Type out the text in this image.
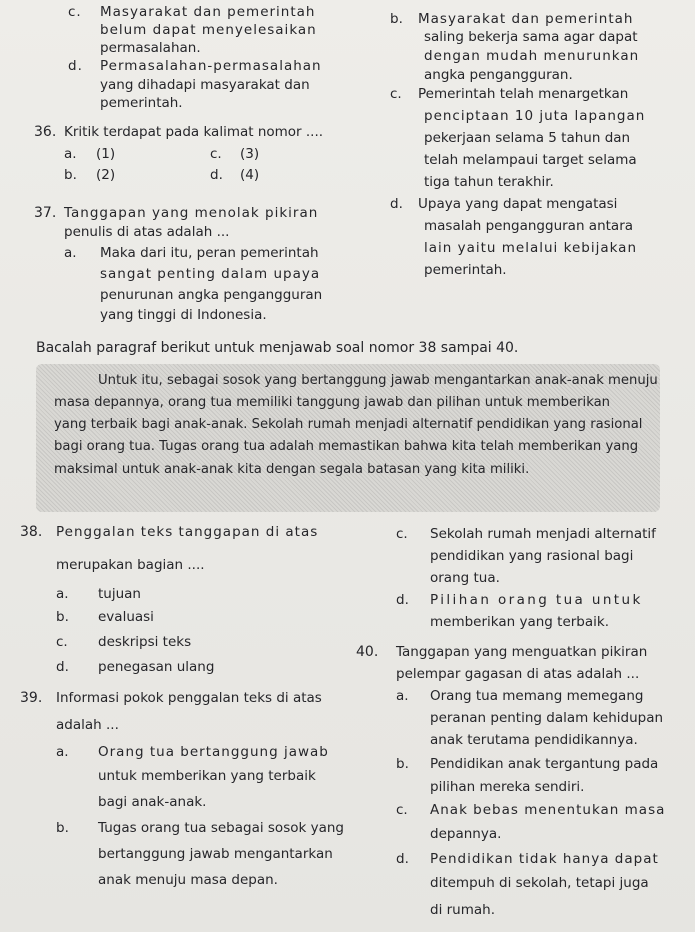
c. Masyarakat dan pemerintah
belum dapat menyelesaikan
permasalahan.
d. Permasalahan-permasalahan
yang dihadapi masyarakat dan
pemerintah.
b. Masyarakat dan pemerintah
saling bekerja sama agar dapat
dengan mudah menurunkan
angka pengangguran.
c. Pemerintah telah menargetkan
penciptaan 10 juta lapangan
pekerjaan selama 5 tahun dan
telah melampaui target selama
tiga tahun terakhir.
d. Upaya yang dapat mengatasi
masalah pengangguran antara
lain yaitu melalui kebijakan
pemerintah.
36. Kritik terdapat pada kalimat nomor ....
a. (1)	c. (3)
b. (2)	d. (4)
37. Tanggapan yang menolak pikiran
penulis di atas adalah ...
a. Maka dari itu, peran pemerintah
sangat penting dalam upaya
penurunan angka pengangguran
yang tinggi di Indonesia.
Bacalah paragraf berikut untuk menjawab soal nomor 38 sampai 40.
Untuk itu, sebagai sosok yang bertanggung jawab mengantarkan anak-anak menuju
masa depannya, orang tua memiliki tanggung jawab dan pilihan untuk memberikan
yang terbaik bagi anak-anak. Sekolah rumah menjadi alternatif pendidikan yang rasional
bagi orang tua. Tugas orang tua adalah memastikan bahwa kita telah memberikan yang
maksimal untuk anak-anak kita dengan segala batasan yang kita miliki.
38. Penggalan teks tanggapan di atas
merupakan bagian ....
a. tujuan
b. evaluasi
c. deskripsi teks
d. penegasan ulang
c. Sekolah rumah menjadi alternatif
pendidikan yang rasional bagi
orang tua.
d. Pilihan orang tua untuk
memberikan yang terbaik.
40. Tanggapan yang menguatkan pikiran
pelempar gagasan di atas adalah ...
a. Orang tua memang memegang
peranan penting dalam kehidupan
anak terutama pendidikannya.
b. Pendidikan anak tergantung pada
pilihan mereka sendiri.
c. Anak bebas menentukan masa
depannya.
d. Pendidikan tidak hanya dapat
ditempuh di sekolah, tetapi juga
di rumah.
39. Informasi pokok penggalan teks di atas
adalah ...
a. Orang tua bertanggung jawab
untuk memberikan yang terbaik
bagi anak-anak.
b. Tugas orang tua sebagai sosok yang
bertanggung jawab mengantarkan
anak menuju masa depan.
